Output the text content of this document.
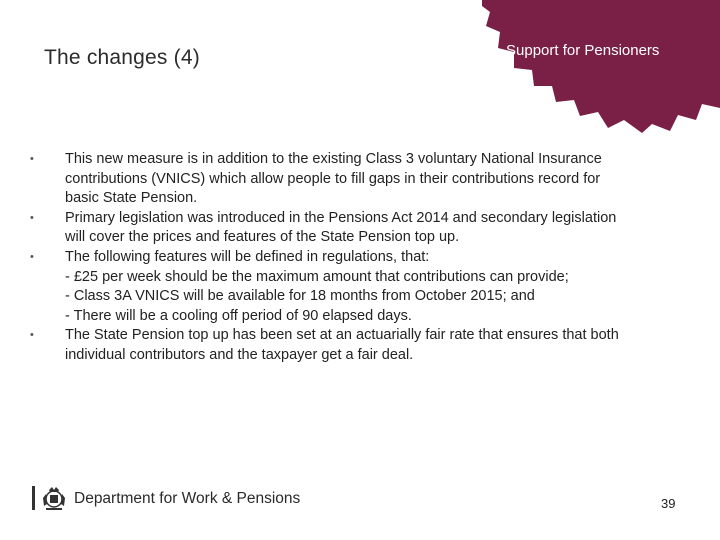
The changes (4)	Support for Pensioners
• This new measure is in addition to the existing Class 3 voluntary National Insurance
contributions (VNICS) which allow people to fill gaps in their contributions record for
basic State Pension.
• Primary legislation was introduced in the Pensions Act 2014 and secondary legislation
will cover the prices and features of the State Pension top up.
• The following features will be defined in regulations, that:
- £25 per week should be the maximum amount that contributions can provide;
- Class 3A VNICS will be available for 18 months from October 2015; and
- There will be a cooling off period of 90 elapsed days.
• The State Pension top up has been set at an actuarially fair rate that ensures that both
individual contributors and the taxpayer get a fair deal.
Department for Work & Pensions	39
